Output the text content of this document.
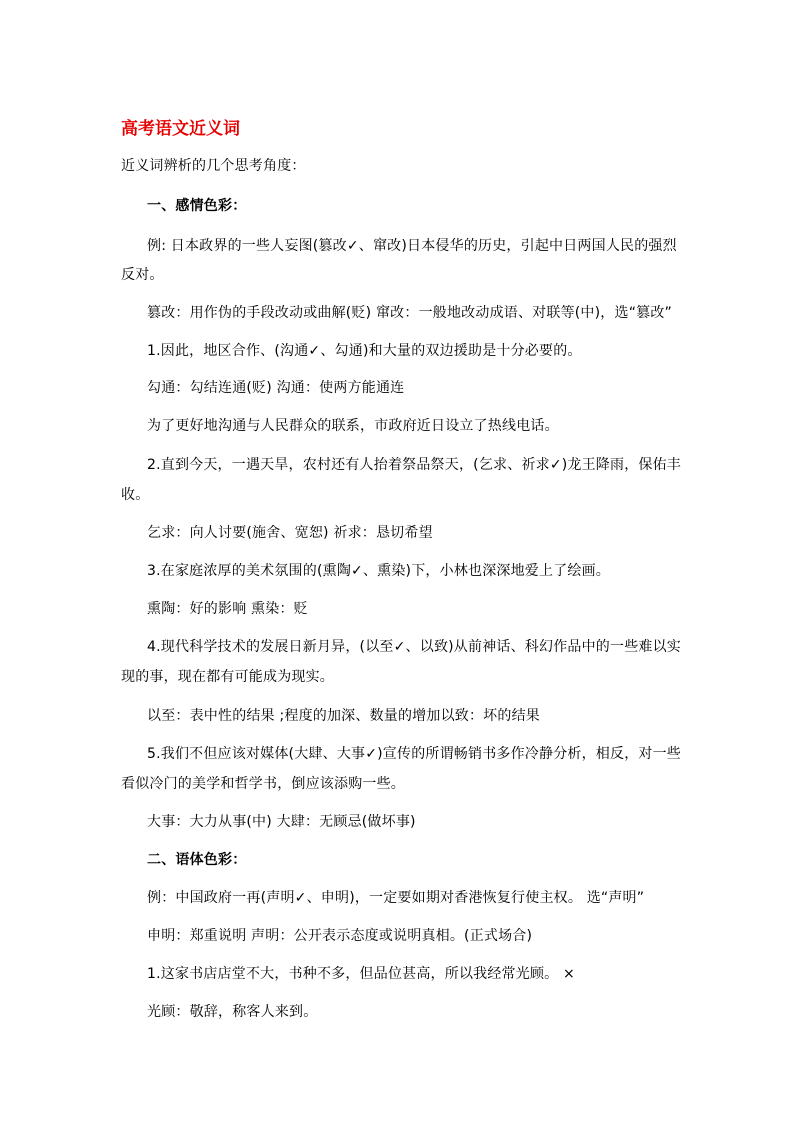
高考语文近义词
近义词辨析的几个思考角度：
一、感情色彩：
例: 日本政界的一些人妄图(篡改✓、窜改)日本侵华的历史，引起中日两国人民的强烈
反对。
篡改：用作伪的手段改动或曲解(贬) 窜改：一般地改动成语、对联等(中)，选“篡改”
1.因此，地区合作、(沟通✓、勾通)和大量的双边援助是十分必要的。
勾通：勾结连通(贬) 沟通：使两方能通连
为了更好地沟通与人民群众的联系，市政府近日设立了热线电话。
2.直到今天，一遇天旱，农村还有人抬着祭品祭天，(乞求、祈求✓)龙王降雨，保佑丰
收。
乞求：向人讨要(施舍、宽恕) 祈求：恳切希望
3.在家庭浓厚的美术氛围的(熏陶✓、熏染)下，小林也深深地爱上了绘画。
熏陶：好的影响 熏染：贬
4.现代科学技术的发展日新月异，(以至✓、以致)从前神话、科幻作品中的一些难以实
现的事，现在都有可能成为现实。
以至：表中性的结果 ;程度的加深、数量的增加以致：坏的结果
5.我们不但应该对媒体(大肆、大事✓)宣传的所谓畅销书多作冷静分析，相反，对一些
看似冷门的美学和哲学书，倒应该添购一些。
大事：大力从事(中) 大肆：无顾忌(做坏事)
二、语体色彩：
例：中国政府一再(声明✓、申明)，一定要如期对香港恢复行使主权。 选“声明”
申明：郑重说明 声明：公开表示态度或说明真相。(正式场合)
1.这家书店店堂不大，书种不多，但品位甚高，所以我经常光顾。 ×
光顾：敬辞，称客人来到。
